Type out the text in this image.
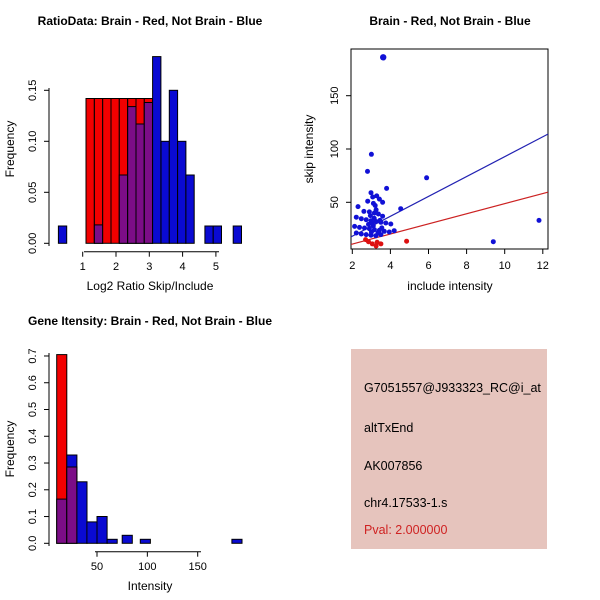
0.00
0.05
0.10
0.15
1 2 3 4 5
RatioData: Brain - Red, Not Brain - Blue
Frequency
Log2 Ratio Skip/Include
2	4	6	8	10 12
50
100
150
Brain - Red, Not Brain - Blue
skip intensity
include intensity
0.0
0.1
0.2
0.3
0.4
0.5
0.6
0.7
50	100	150
Gene Itensity: Brain - Red, Not Brain - Blue
Frequency
Intensity
G7051557@J933323_RC@i_at
altTxEnd
AK007856
chr4.17533-1.s
Pval: 2.000000
